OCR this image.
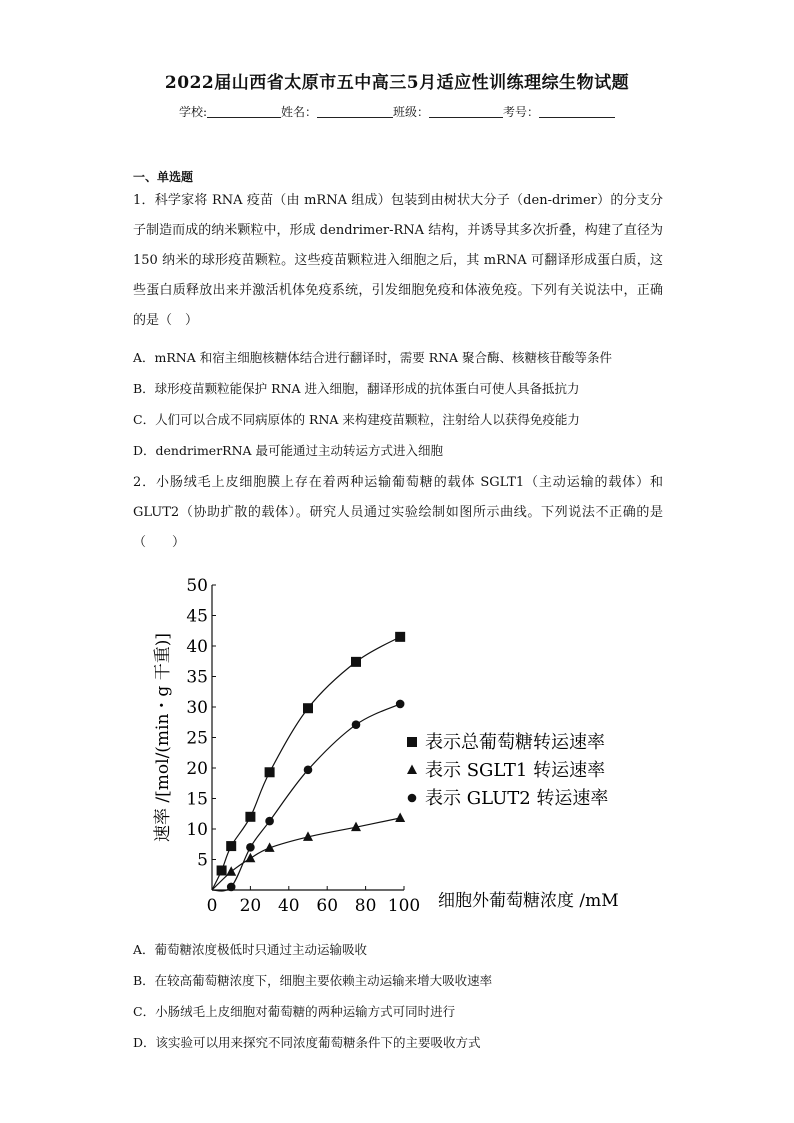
2022届山西省太原市五中高三5月适应性训练理综生物试题
学校:	姓名：	班级：	考号：
一、单选题
1．科学家将 RNA 疫苗（由 mRNA 组成）包装到由树状大分子（den-drimer）的分支分子制造而成的纳米颗粒中，形成 dendrimer-RNA 结构，并诱导其多次折叠，构建了直径为 150 纳米的球形疫苗颗粒。这些疫苗颗粒进入细胞之后，其 mRNA 可翻译形成蛋白质，这些蛋白质释放出来并激活机体免疫系统，引发细胞免疫和体液免疫。下列有关说法中，正确的是（　）
A．mRNA 和宿主细胞核糖体结合进行翻译时，需要 RNA 聚合酶、核糖核苷酸等条件
B．球形疫苗颗粒能保护 RNA 进入细胞，翻译形成的抗体蛋白可使人具备抵抗力
C．人们可以合成不同病原体的 RNA 来构建疫苗颗粒，注射给人以获得免疫能力
D．dendrimerRNA 最可能通过主动转运方式进入细胞
2．小肠绒毛上皮细胞膜上存在着两种运输葡萄糖的载体 SGLT1（主动运输的载体）和 GLUT2（协助扩散的载体）。研究人员通过实验绘制如图所示曲线。下列说法不正确的是（　　）
5
10
15
20
25
30
35
40
45
50
0 20 40 60 80 100 细胞外葡萄糖浓度 /mM
速率 /[mol/(min・g 干重)]	表示总葡萄糖转运速率
表示 SGLT1 转运速率
表示 GLUT2 转运速率
A．葡萄糖浓度极低时只通过主动运输吸收
B．在较高葡萄糖浓度下，细胞主要依赖主动运输来增大吸收速率
C．小肠绒毛上皮细胞对葡萄糖的两种运输方式可同时进行
D．该实验可以用来探究不同浓度葡萄糖条件下的主要吸收方式
